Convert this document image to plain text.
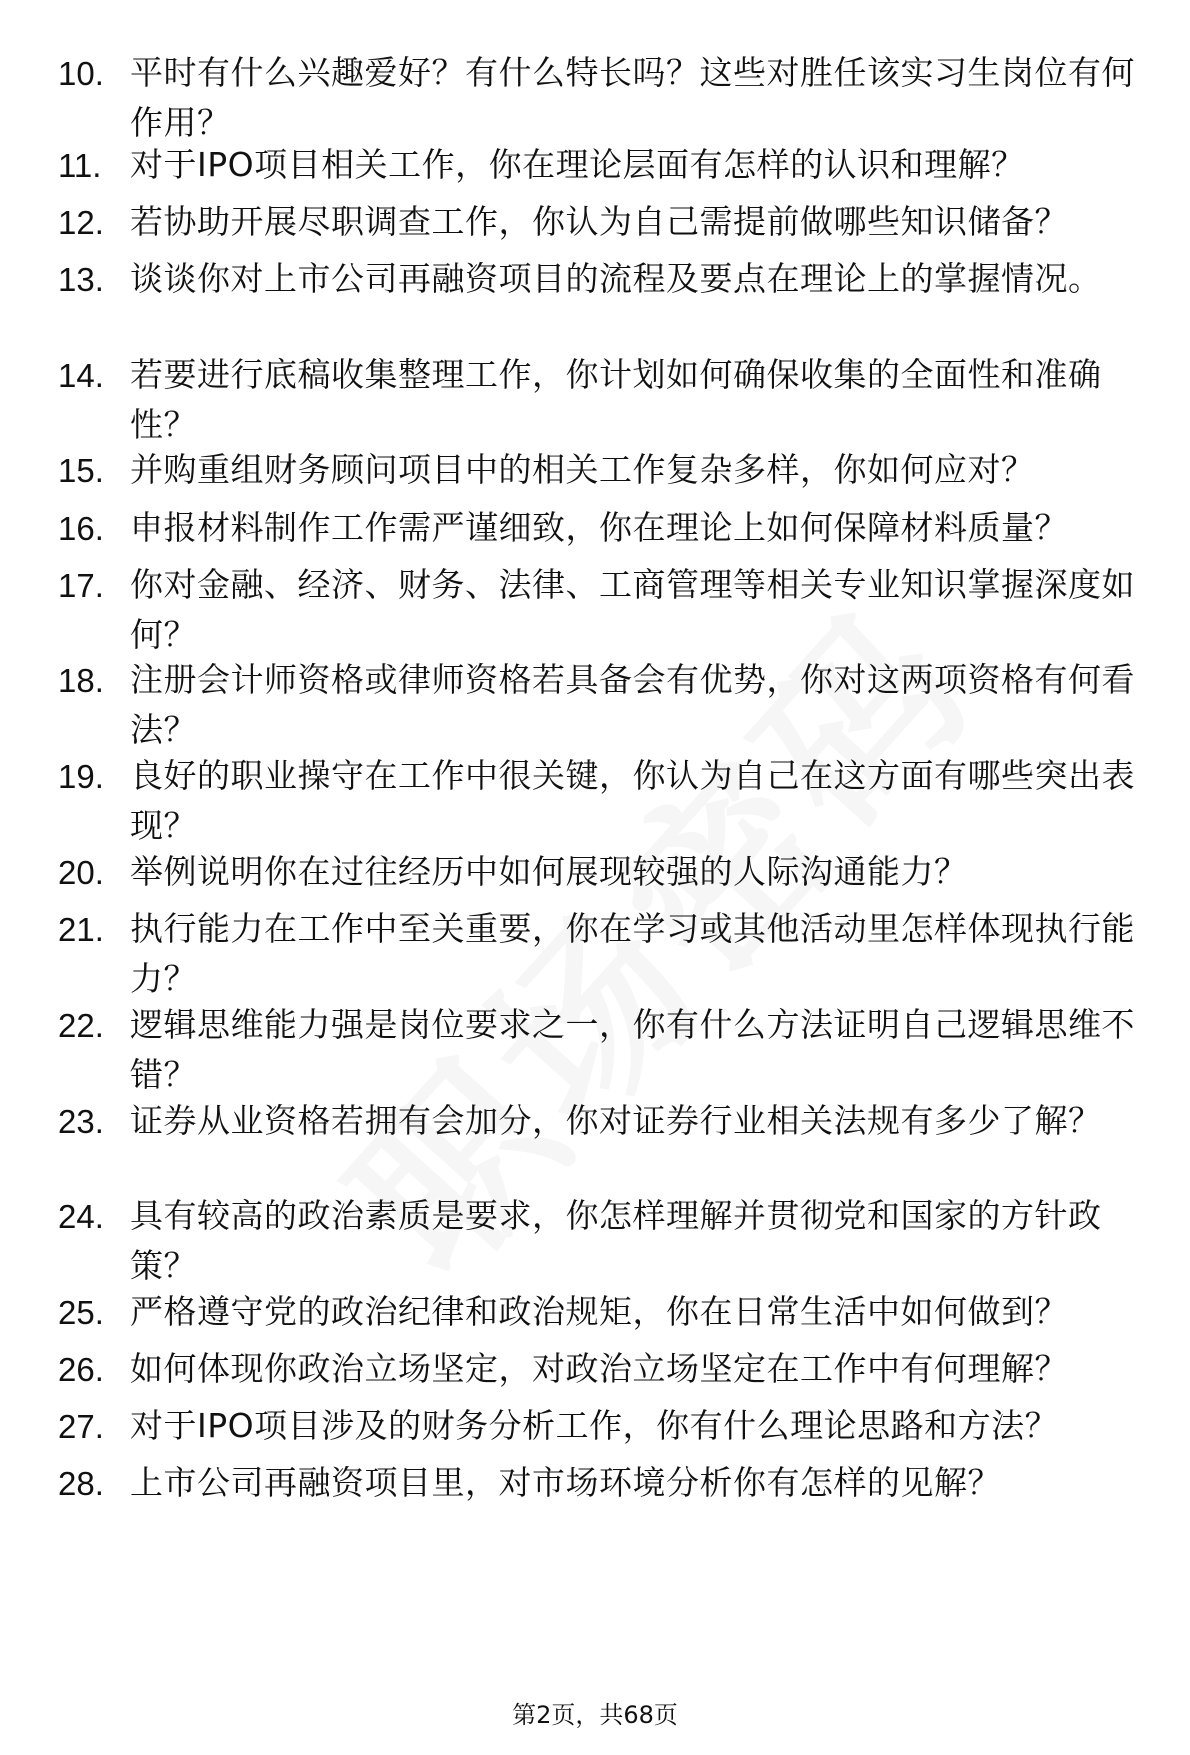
10. 平时有什么兴趣爱好？有什么特长吗？这些对胜任该实习生岗位有何作用？
11. 对于IPO项目相关工作，你在理论层面有怎样的认识和理解？
12. 若协助开展尽职调查工作，你认为自己需提前做哪些知识储备？
13. 谈谈你对上市公司再融资项目的流程及要点在理论上的掌握情况。
14. 若要进行底稿收集整理工作，你计划如何确保收集的全面性和准确性？
15. 并购重组财务顾问项目中的相关工作复杂多样，你如何应对？
16. 申报材料制作工作需严谨细致，你在理论上如何保障材料质量？
17. 你对金融、经济、财务、法律、工商管理等相关专业知识掌握深度如何？
18. 注册会计师资格或律师资格若具备会有优势，你对这两项资格有何看法？
19. 良好的职业操守在工作中很关键，你认为自己在这方面有哪些突出表现？
20. 举例说明你在过往经历中如何展现较强的人际沟通能力？
21. 执行能力在工作中至关重要，你在学习或其他活动里怎样体现执行能力？
22. 逻辑思维能力强是岗位要求之一，你有什么方法证明自己逻辑思维不错？
23. 证券从业资格若拥有会加分，你对证券行业相关法规有多少了解？
24. 具有较高的政治素质是要求，你怎样理解并贯彻党和国家的方针政策？
25. 严格遵守党的政治纪律和政治规矩，你在日常生活中如何做到？
26. 如何体现你政治立场坚定，对政治立场坚定在工作中有何理解？
27. 对于IPO项目涉及的财务分析工作，你有什么理论思路和方法？
28. 上市公司再融资项目里，对市场环境分析你有怎样的见解？
第2页，共68页
